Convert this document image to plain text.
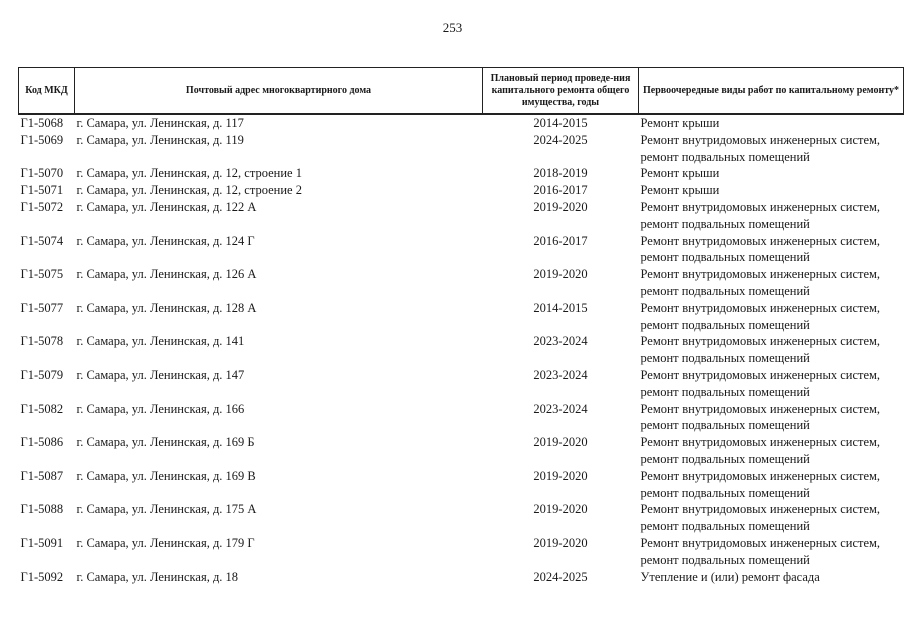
253
Код МКД	Почтовый адрес многоквартирного дома	Плановый период проведе-ния капитального ремонта общего имущества, годы	Первоочередные виды работ по капитальному ремонту*
Г1-5068	г. Самара, ул. Ленинская, д. 117	2014-2015	Ремонт крыши

Г1-5069	г. Самара, ул. Ленинская, д. 119	2024-2025	Ремонт внутридомовых инженерных систем,
ремонт подвальных помещений

Г1-5070	г. Самара, ул. Ленинская, д. 12, строение 1	2018-2019	Ремонт крыши

Г1-5071	г. Самара, ул. Ленинская, д. 12, строение 2	2016-2017	Ремонт крыши

Г1-5072	г. Самара, ул. Ленинская, д. 122 А	2019-2020	Ремонт внутридомовых инженерных систем,
ремонт подвальных помещений

Г1-5074	г. Самара, ул. Ленинская, д. 124 Г	2016-2017	Ремонт внутридомовых инженерных систем,
ремонт подвальных помещений

Г1-5075	г. Самара, ул. Ленинская, д. 126 А	2019-2020	Ремонт внутридомовых инженерных систем,
ремонт подвальных помещений

Г1-5077	г. Самара, ул. Ленинская, д. 128 А	2014-2015	Ремонт внутридомовых инженерных систем,
ремонт подвальных помещений

Г1-5078	г. Самара, ул. Ленинская, д. 141	2023-2024	Ремонт внутридомовых инженерных систем,
ремонт подвальных помещений

Г1-5079	г. Самара, ул. Ленинская, д. 147	2023-2024	Ремонт внутридомовых инженерных систем,
ремонт подвальных помещений

Г1-5082	г. Самара, ул. Ленинская, д. 166	2023-2024	Ремонт внутридомовых инженерных систем,
ремонт подвальных помещений

Г1-5086	г. Самара, ул. Ленинская, д. 169 Б	2019-2020	Ремонт внутридомовых инженерных систем,
ремонт подвальных помещений

Г1-5087	г. Самара, ул. Ленинская, д. 169 В	2019-2020	Ремонт внутридомовых инженерных систем,
ремонт подвальных помещений

Г1-5088	г. Самара, ул. Ленинская, д. 175 А	2019-2020	Ремонт внутридомовых инженерных систем,
ремонт подвальных помещений

Г1-5091	г. Самара, ул. Ленинская, д. 179 Г	2019-2020	Ремонт внутридомовых инженерных систем,
ремонт подвальных помещений

Г1-5092	г. Самара, ул. Ленинская, д. 18	2024-2025	Утепление и (или) ремонт фасада
